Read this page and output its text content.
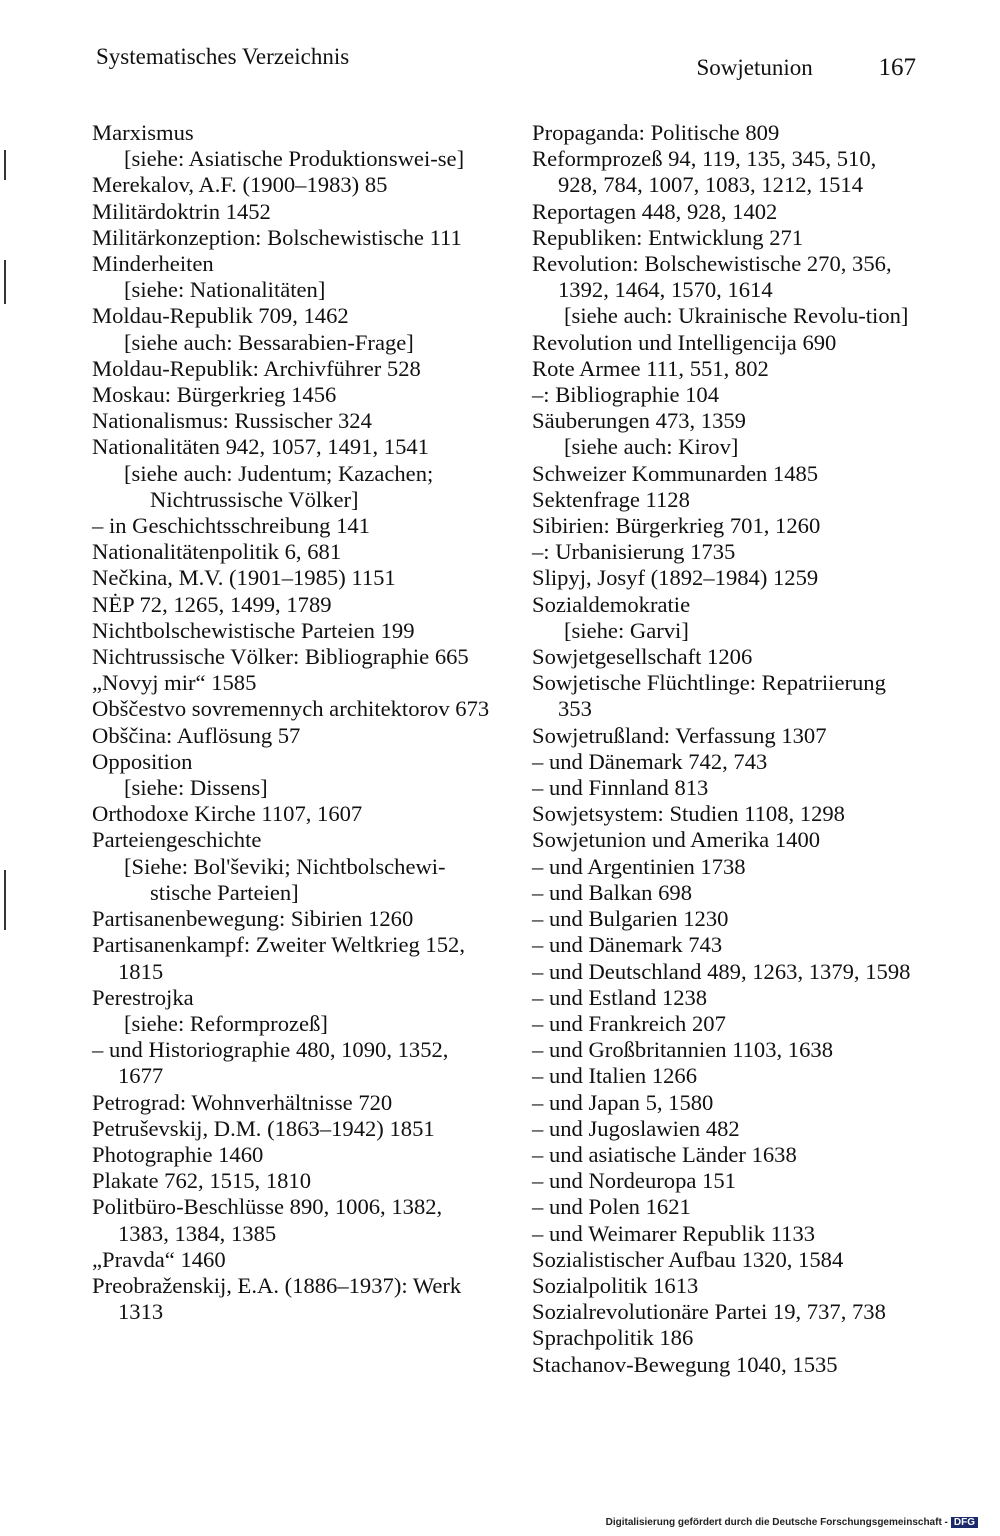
Systematisches Verzeichnis	Sowjetunion	167

Marxismus

[siehe: Asiatische Produktionswei-se]

Merekalov, A.F. (1900–1983) 85

Militärdoktrin 1452

Militärkonzeption: Bolschewistische 111

Minderheiten

[siehe: Nationalitäten]

Moldau-Republik 709, 1462

[siehe auch: Bessarabien-Frage]

Moldau-Republik: Archivführer 528

Moskau: Bürgerkrieg 1456

Nationalismus: Russischer 324

Nationalitäten 942, 1057, 1491, 1541

[siehe auch: Judentum; Kazachen; Nichtrussische Völker]

– in Geschichtsschreibung 141

Nationalitätenpolitik 6, 681

Nečkina, M.V. (1901–1985) 1151

NĖP 72, 1265, 1499, 1789

Nichtbolschewistische Parteien 199

Nichtrussische Völker: Bibliographie 665

„Novyj mir“ 1585

Obščestvo sovremennych architektorov 673

Obščina: Auflösung 57

Opposition

[siehe: Dissens]

Orthodoxe Kirche 1107, 1607

Parteiengeschichte

[Siehe: Bol'ševiki; Nichtbolschewi-stische Parteien]

Partisanenbewegung: Sibirien 1260

Partisanenkampf: Zweiter Weltkrieg 152, 1815

Perestrojka

[siehe: Reformprozeß]

– und Historiographie 480, 1090, 1352, 1677

Petrograd: Wohnverhältnisse 720

Petruševskij, D.M. (1863–1942) 1851

Photographie 1460

Plakate 762, 1515, 1810

Politbüro-Beschlüsse 890, 1006, 1382, 1383, 1384, 1385

„Pravda“ 1460

Preobraženskij, E.A. (1886–1937): Werk 1313

Propaganda: Politische 809

Reformprozeß 94, 119, 135, 345, 510, 928, 784, 1007, 1083, 1212, 1514

Reportagen 448, 928, 1402

Republiken: Entwicklung 271

Revolution: Bolschewistische 270, 356, 1392, 1464, 1570, 1614

[siehe auch: Ukrainische Revolu-tion]

Revolution und Intelligencija 690

Rote Armee 111, 551, 802

–: Bibliographie 104

Säuberungen 473, 1359

[siehe auch: Kirov]

Schweizer Kommunarden 1485

Sektenfrage 1128

Sibirien: Bürgerkrieg 701, 1260

–: Urbanisierung 1735

Slipyj, Josyf (1892–1984) 1259

Sozialdemokratie

[siehe: Garvi]

Sowjetgesellschaft 1206

Sowjetische Flüchtlinge: Repatriierung 353

Sowjetrußland: Verfassung 1307

– und Dänemark 742, 743

– und Finnland 813

Sowjetsystem: Studien 1108, 1298

Sowjetunion und Amerika 1400

– und Argentinien 1738

– und Balkan 698

– und Bulgarien 1230

– und Dänemark 743

– und Deutschland 489, 1263, 1379, 1598

– und Estland 1238

– und Frankreich 207

– und Großbritannien 1103, 1638

– und Italien 1266

– und Japan 5, 1580

– und Jugoslawien 482

– und asiatische Länder 1638

– und Nordeuropa 151

– und Polen 1621

– und Weimarer Republik 1133

Sozialistischer Aufbau 1320, 1584

Sozialpolitik 1613

Sozialrevolutionäre Partei 19, 737, 738

Sprachpolitik 186

Stachanov-Bewegung 1040, 1535

Digitalisierung gefördert durch die Deutsche Forschungsgemeinschaft - DFG
